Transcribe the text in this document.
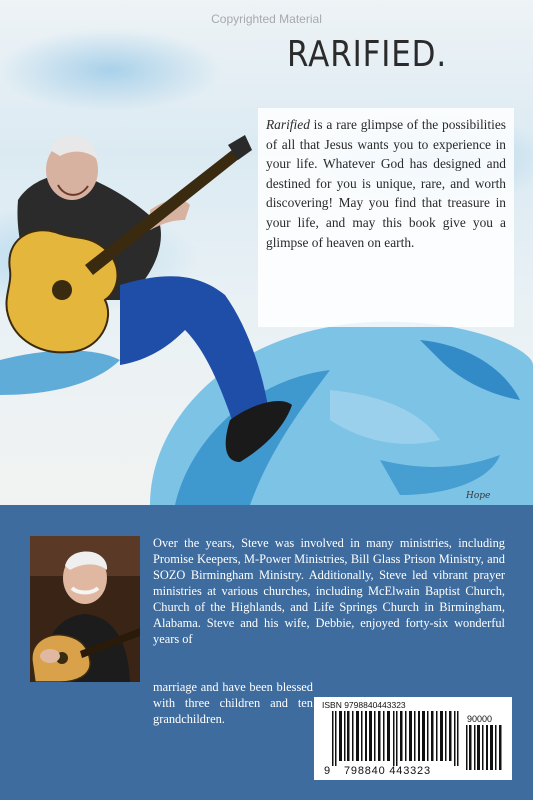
Copyrighted Material
RARIFIED.
Rarified is a rare glimpse of the possibilities of all that Jesus wants you to experience in your life. Whatever God has designed and destined for you is unique, rare, and worth discovering! May you find that treasure in your life, and may this book give you a glimpse of heaven on earth.
Hope

Over the years, Steve was involved in many ministries, including Promise Keepers, M-Power Ministries, Bill Glass Prison Ministry, and SOZO Birmingham Ministry. Additionally, Steve led vibrant prayer ministries at various churches, including McElwain Baptist Church, Church of the Highlands, and Life Springs Church in Birmingham, Alabama. Steve and his wife, Debbie, enjoyed forty-six wonderful years of

marriage and have been blessed with three children and ten grandchildren.

ISBN 9798840443323
90000
9 798840 443323
